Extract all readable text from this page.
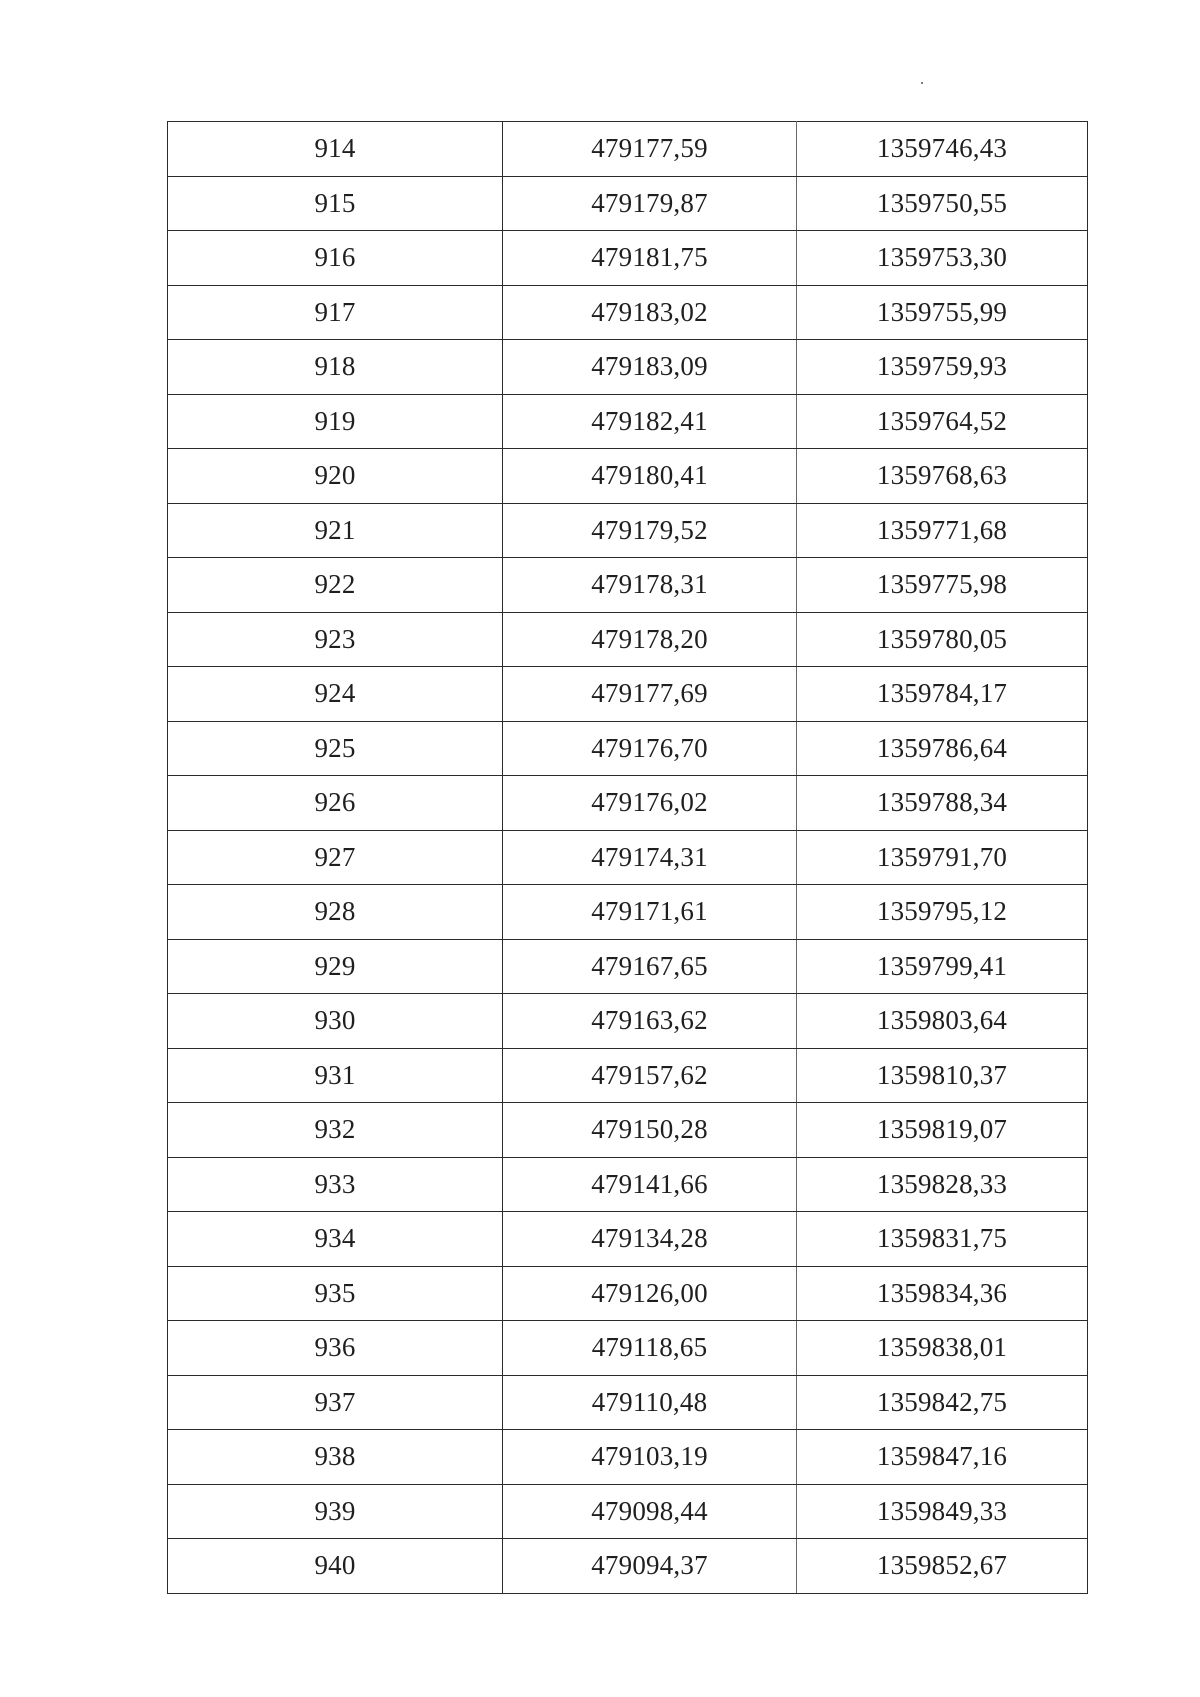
914	479177,59	1359746,43
915	479179,87	1359750,55
916	479181,75	1359753,30
917	479183,02	1359755,99
918	479183,09	1359759,93
919	479182,41	1359764,52
920	479180,41	1359768,63
921	479179,52	1359771,68
922	479178,31	1359775,98
923	479178,20	1359780,05
924	479177,69	1359784,17
925	479176,70	1359786,64
926	479176,02	1359788,34
927	479174,31	1359791,70
928	479171,61	1359795,12
929	479167,65	1359799,41
930	479163,62	1359803,64
931	479157,62	1359810,37
932	479150,28	1359819,07
933	479141,66	1359828,33
934	479134,28	1359831,75
935	479126,00	1359834,36
936	479118,65	1359838,01
937	479110,48	1359842,75
938	479103,19	1359847,16
939	479098,44	1359849,33
940	479094,37	1359852,67
